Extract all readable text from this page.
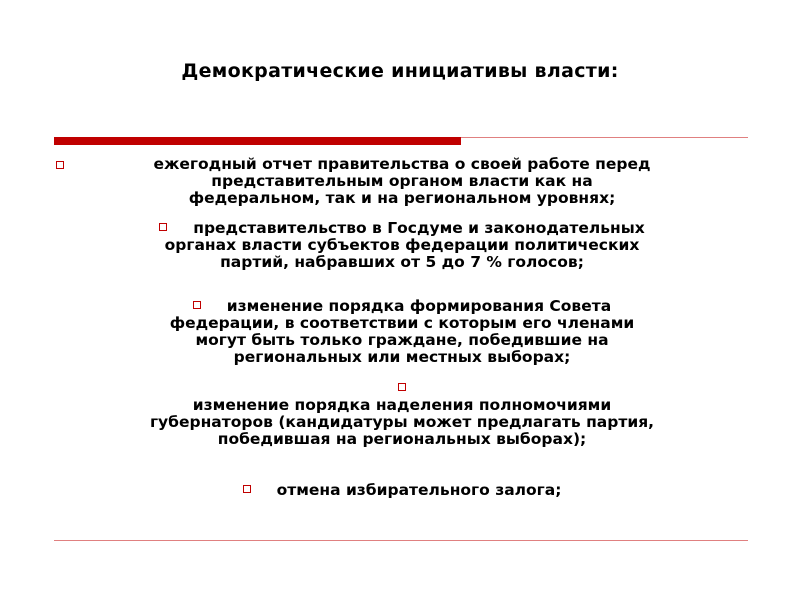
Демократические инициативы власти:
ежегодный отчет правительства о своей работе перед
представительным органом власти как на
федеральном, так и на региональном уровнях;
представительство в Госдуме и законодательных
органах власти субъектов федерации политических
партий, набравших от 5 до 7 % голосов;
изменение порядка формирования Совета
федерации, в соответствии с которым его членами
могут быть только граждане, победившие на
региональных или местных выборах;
изменение порядка наделения полномочиями
губернаторов (кандидатуры может предлагать партия,
победившая на региональных выборах);
отмена избирательного залога;
